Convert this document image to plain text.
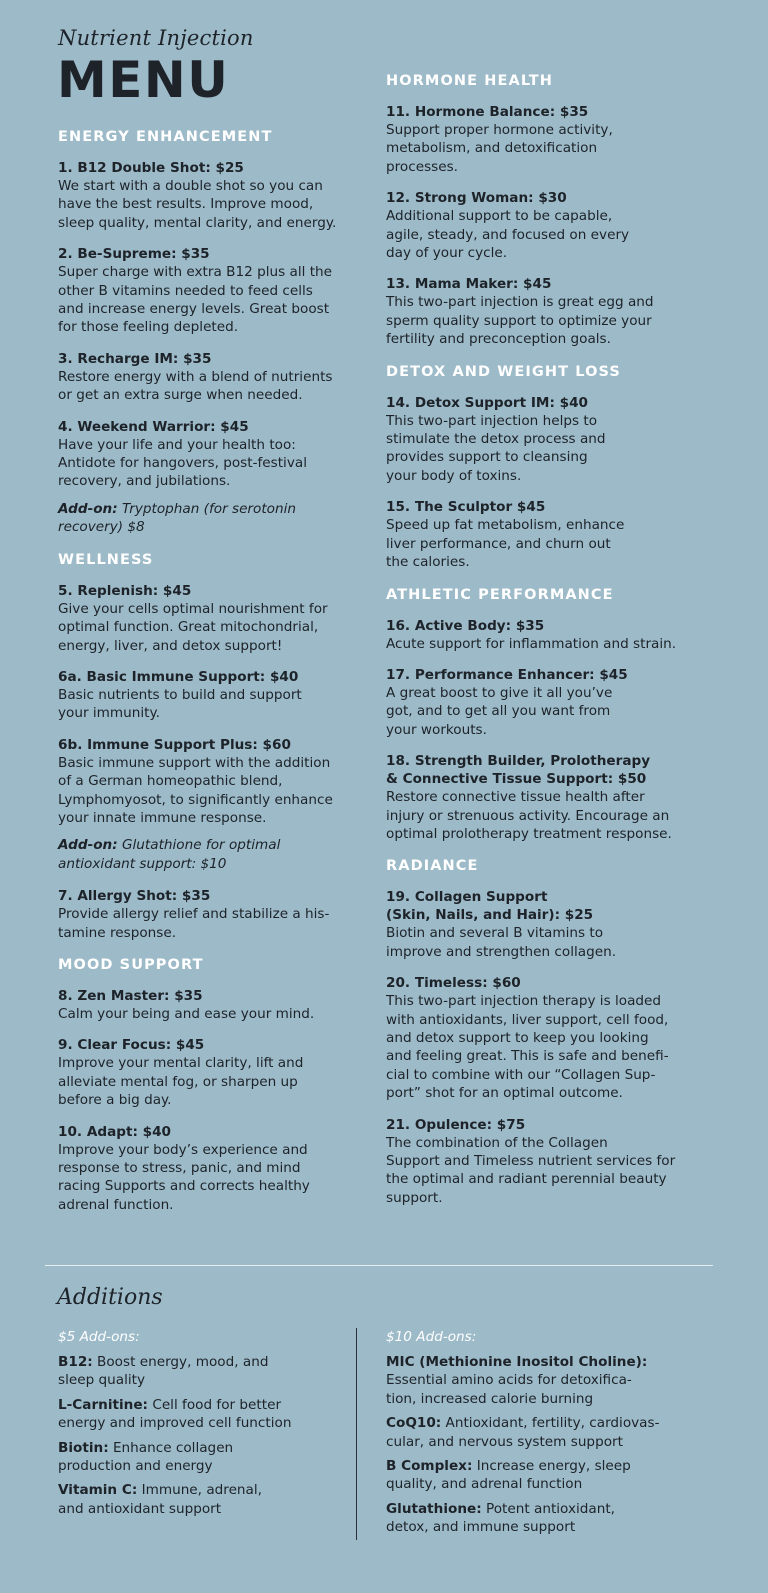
Nutrient Injection
MENU
ENERGY ENHANCEMENT
1. B12 Double Shot: $25
We start with a double shot so you can
have the best results. Improve mood,
sleep quality, mental clarity, and energy.
2. Be-Supreme: $35
Super charge with extra B12 plus all the
other B vitamins needed to feed cells
and increase energy levels. Great boost
for those feeling depleted.
3. Recharge IM: $35
Restore energy with a blend of nutrients
or get an extra surge when needed.
4. Weekend Warrior: $45
Have your life and your health too:
Antidote for hangovers, post-festival
recovery, and jubilations.
Add-on: Tryptophan (for serotonin
recovery) $8
WELLNESS
5. Replenish: $45
Give your cells optimal nourishment for
optimal function. Great mitochondrial,
energy, liver, and detox support!
6a. Basic Immune Support: $40
Basic nutrients to build and support
your immunity.
6b. Immune Support Plus: $60
Basic immune support with the addition
of a German homeopathic blend,
Lymphomyosot, to significantly enhance
your innate immune response.
Add-on: Glutathione for optimal
antioxidant support: $10
7. Allergy Shot: $35
Provide allergy relief and stabilize a his-
tamine response.
MOOD SUPPORT
8. Zen Master: $35
Calm your being and ease your mind.
9. Clear Focus: $45
Improve your mental clarity, lift and
alleviate mental fog, or sharpen up
before a big day.
10. Adapt: $40
Improve your body’s experience and
response to stress, panic, and mind
racing Supports and corrects healthy
adrenal function.
HORMONE HEALTH
11. Hormone Balance: $35
Support proper hormone activity,
metabolism, and detoxification
processes.
12. Strong Woman: $30
Additional support to be capable,
agile, steady, and focused on every
day of your cycle.
13. Mama Maker: $45
This two-part injection is great egg and
sperm quality support to optimize your
fertility and preconception goals.
DETOX AND WEIGHT LOSS
14. Detox Support IM: $40
This two-part injection helps to
stimulate the detox process and
provides support to cleansing
your body of toxins.
15. The Sculptor $45
Speed up fat metabolism, enhance
liver performance, and churn out
the calories.
ATHLETIC PERFORMANCE
16. Active Body: $35
Acute support for inflammation and strain.
17. Performance Enhancer: $45
A great boost to give it all you’ve
got, and to get all you want from
your workouts.
18. Strength Builder, Prolotherapy
& Connective Tissue Support: $50
Restore connective tissue health after
injury or strenuous activity. Encourage an
optimal prolotherapy treatment response.
RADIANCE
19. Collagen Support
(Skin, Nails, and Hair): $25
Biotin and several B vitamins to
improve and strengthen collagen.
20. Timeless: $60
This two-part injection therapy is loaded
with antioxidants, liver support, cell food,
and detox support to keep you looking
and feeling great. This is safe and benefi-
cial to combine with our “Collagen Sup-
port” shot for an optimal outcome.
21. Opulence: $75
The combination of the Collagen
Support and Timeless nutrient services for
the optimal and radiant perennial beauty
support.
Additions
$5 Add-ons:
B12: Boost energy, mood, and
sleep quality
L-Carnitine: Cell food for better
energy and improved cell function
Biotin: Enhance collagen
production and energy
Vitamin C: Immune, adrenal,
and antioxidant support
$10 Add-ons:
MIC (Methionine Inositol Choline):
Essential amino acids for detoxifica-
tion, increased calorie burning
CoQ10: Antioxidant, fertility, cardiovas-
cular, and nervous system support
B Complex: Increase energy, sleep
quality, and adrenal function
Glutathione: Potent antioxidant,
detox, and immune support
